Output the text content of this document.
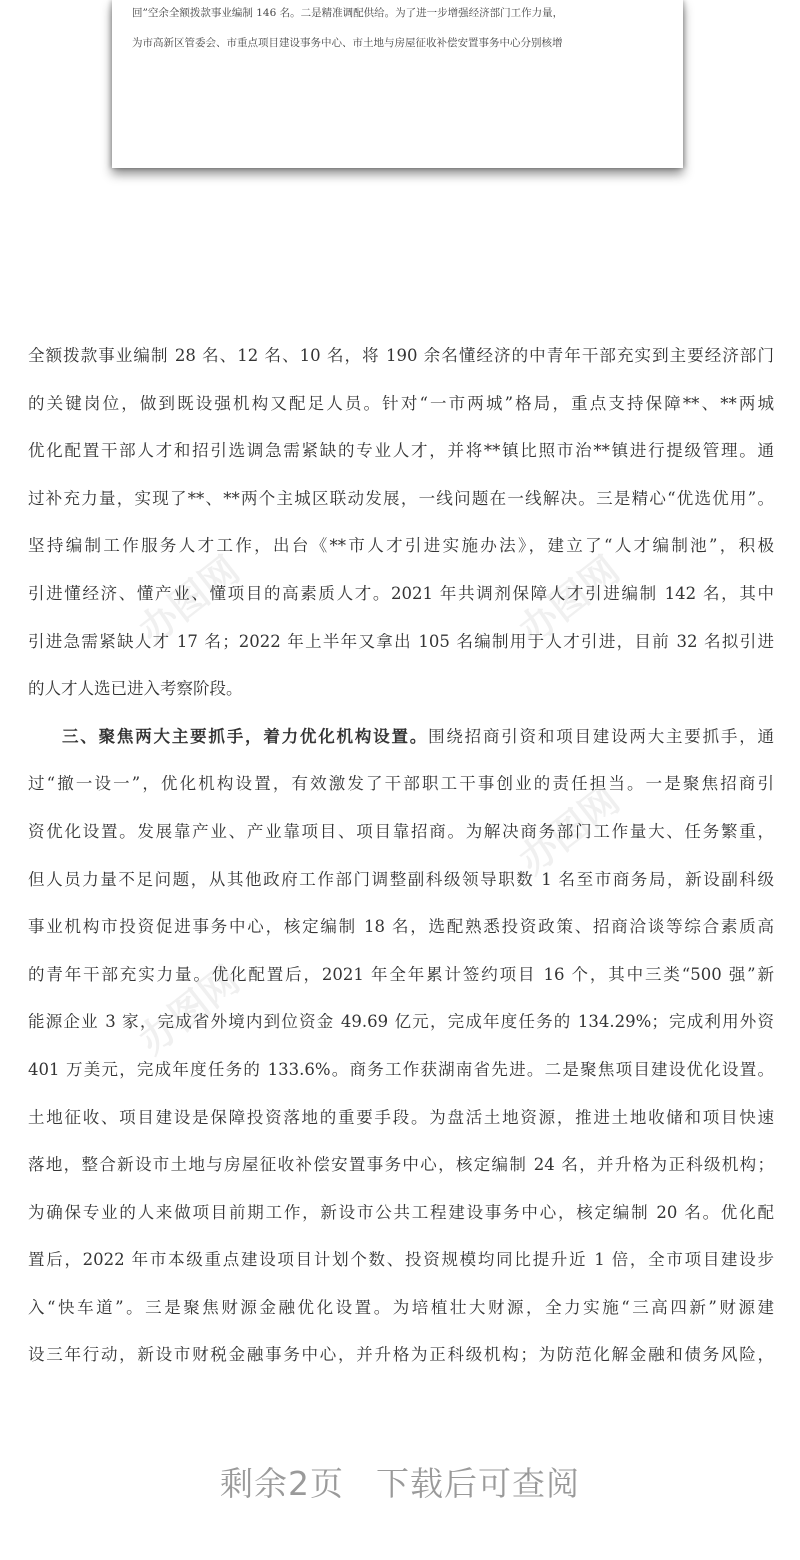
回”空余全额拨款事业编制 146 名。二是精准调配供给。为了进一步增强经济部门工作力量，
为市高新区管委会、市重点项目建设事务中心、市土地与房屋征收补偿安置事务中心分别核增
办图网	办图网
办图网
办图网
全额拨款事业编制 28 名、12 名、10 名，将 190 余名懂经济的中青年干部充实到主要经济部门
的关键岗位，做到既设强机构又配足人员。针对“一市两城”格局，重点支持保障**、**两城
优化配置干部人才和招引选调急需紧缺的专业人才，并将**镇比照市治**镇进行提级管理。通
过补充力量，实现了**、**两个主城区联动发展，一线问题在一线解决。三是精心“优选优用”。
坚持编制工作服务人才工作，出台《**市人才引进实施办法》，建立了“人才编制池”，积极
引进懂经济、懂产业、懂项目的高素质人才。2021 年共调剂保障人才引进编制 142 名，其中
引进急需紧缺人才 17 名；2022 年上半年又拿出 105 名编制用于人才引进，目前 32 名拟引进
的人才人选已进入考察阶段。
三、聚焦两大主要抓手，着力优化机构设置。围绕招商引资和项目建设两大主要抓手，通
过“撤一设一”，优化机构设置，有效激发了干部职工干事创业的责任担当。一是聚焦招商引
资优化设置。发展靠产业、产业靠项目、项目靠招商。为解决商务部门工作量大、任务繁重，
但人员力量不足问题，从其他政府工作部门调整副科级领导职数 1 名至市商务局，新设副科级
事业机构市投资促进事务中心，核定编制 18 名，选配熟悉投资政策、招商洽谈等综合素质高
的青年干部充实力量。优化配置后，2021 年全年累计签约项目 16 个，其中三类“500 强”新
能源企业 3 家，完成省外境内到位资金 49.69 亿元，完成年度任务的 134.29%；完成利用外资
401 万美元，完成年度任务的 133.6%。商务工作获湖南省先进。二是聚焦项目建设优化设置。
土地征收、项目建设是保障投资落地的重要手段。为盘活土地资源，推进土地收储和项目快速
落地，整合新设市土地与房屋征收补偿安置事务中心，核定编制 24 名，并升格为正科级机构；
为确保专业的人来做项目前期工作，新设市公共工程建设事务中心，核定编制 20 名。优化配
置后，2022 年市本级重点建设项目计划个数、投资规模均同比提升近 1 倍，全市项目建设步
入“快车道”。三是聚焦财源金融优化设置。为培植壮大财源，全力实施“三高四新”财源建
设三年行动，新设市财税金融事务中心，并升格为正科级机构；为防范化解金融和债务风险，
剩余2页 下载后可查阅
